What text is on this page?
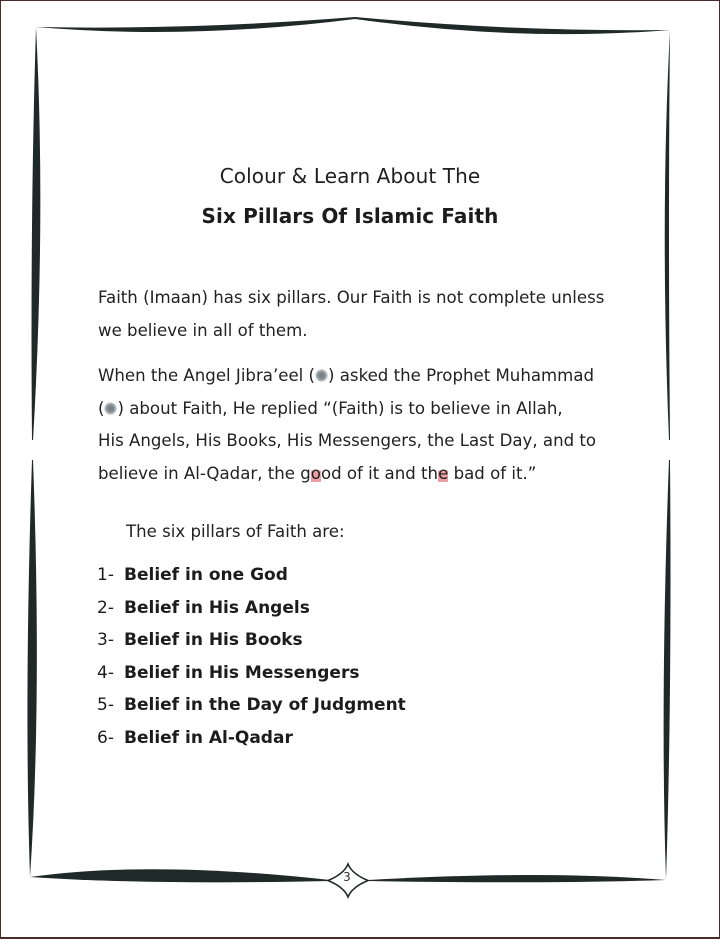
Colour & Learn About The
Six Pillars Of Islamic Faith
Faith (Imaan) has six pillars. Our Faith is not complete unless
we believe in all of them.
When the Angel Jibra’eel ( ) asked the Prophet Muhammad
( ) about Faith, He replied “(Faith) is to believe in Allah,
His Angels, His Books, His Messengers, the Last Day, and to
believe in Al-Qadar, the good of it and the bad of it.”
The six pillars of Faith are:
1- Belief in one God
2- Belief in His Angels
3- Belief in His Books
4- Belief in His Messengers
5- Belief in the Day of Judgment
6- Belief in Al-Qadar
3
